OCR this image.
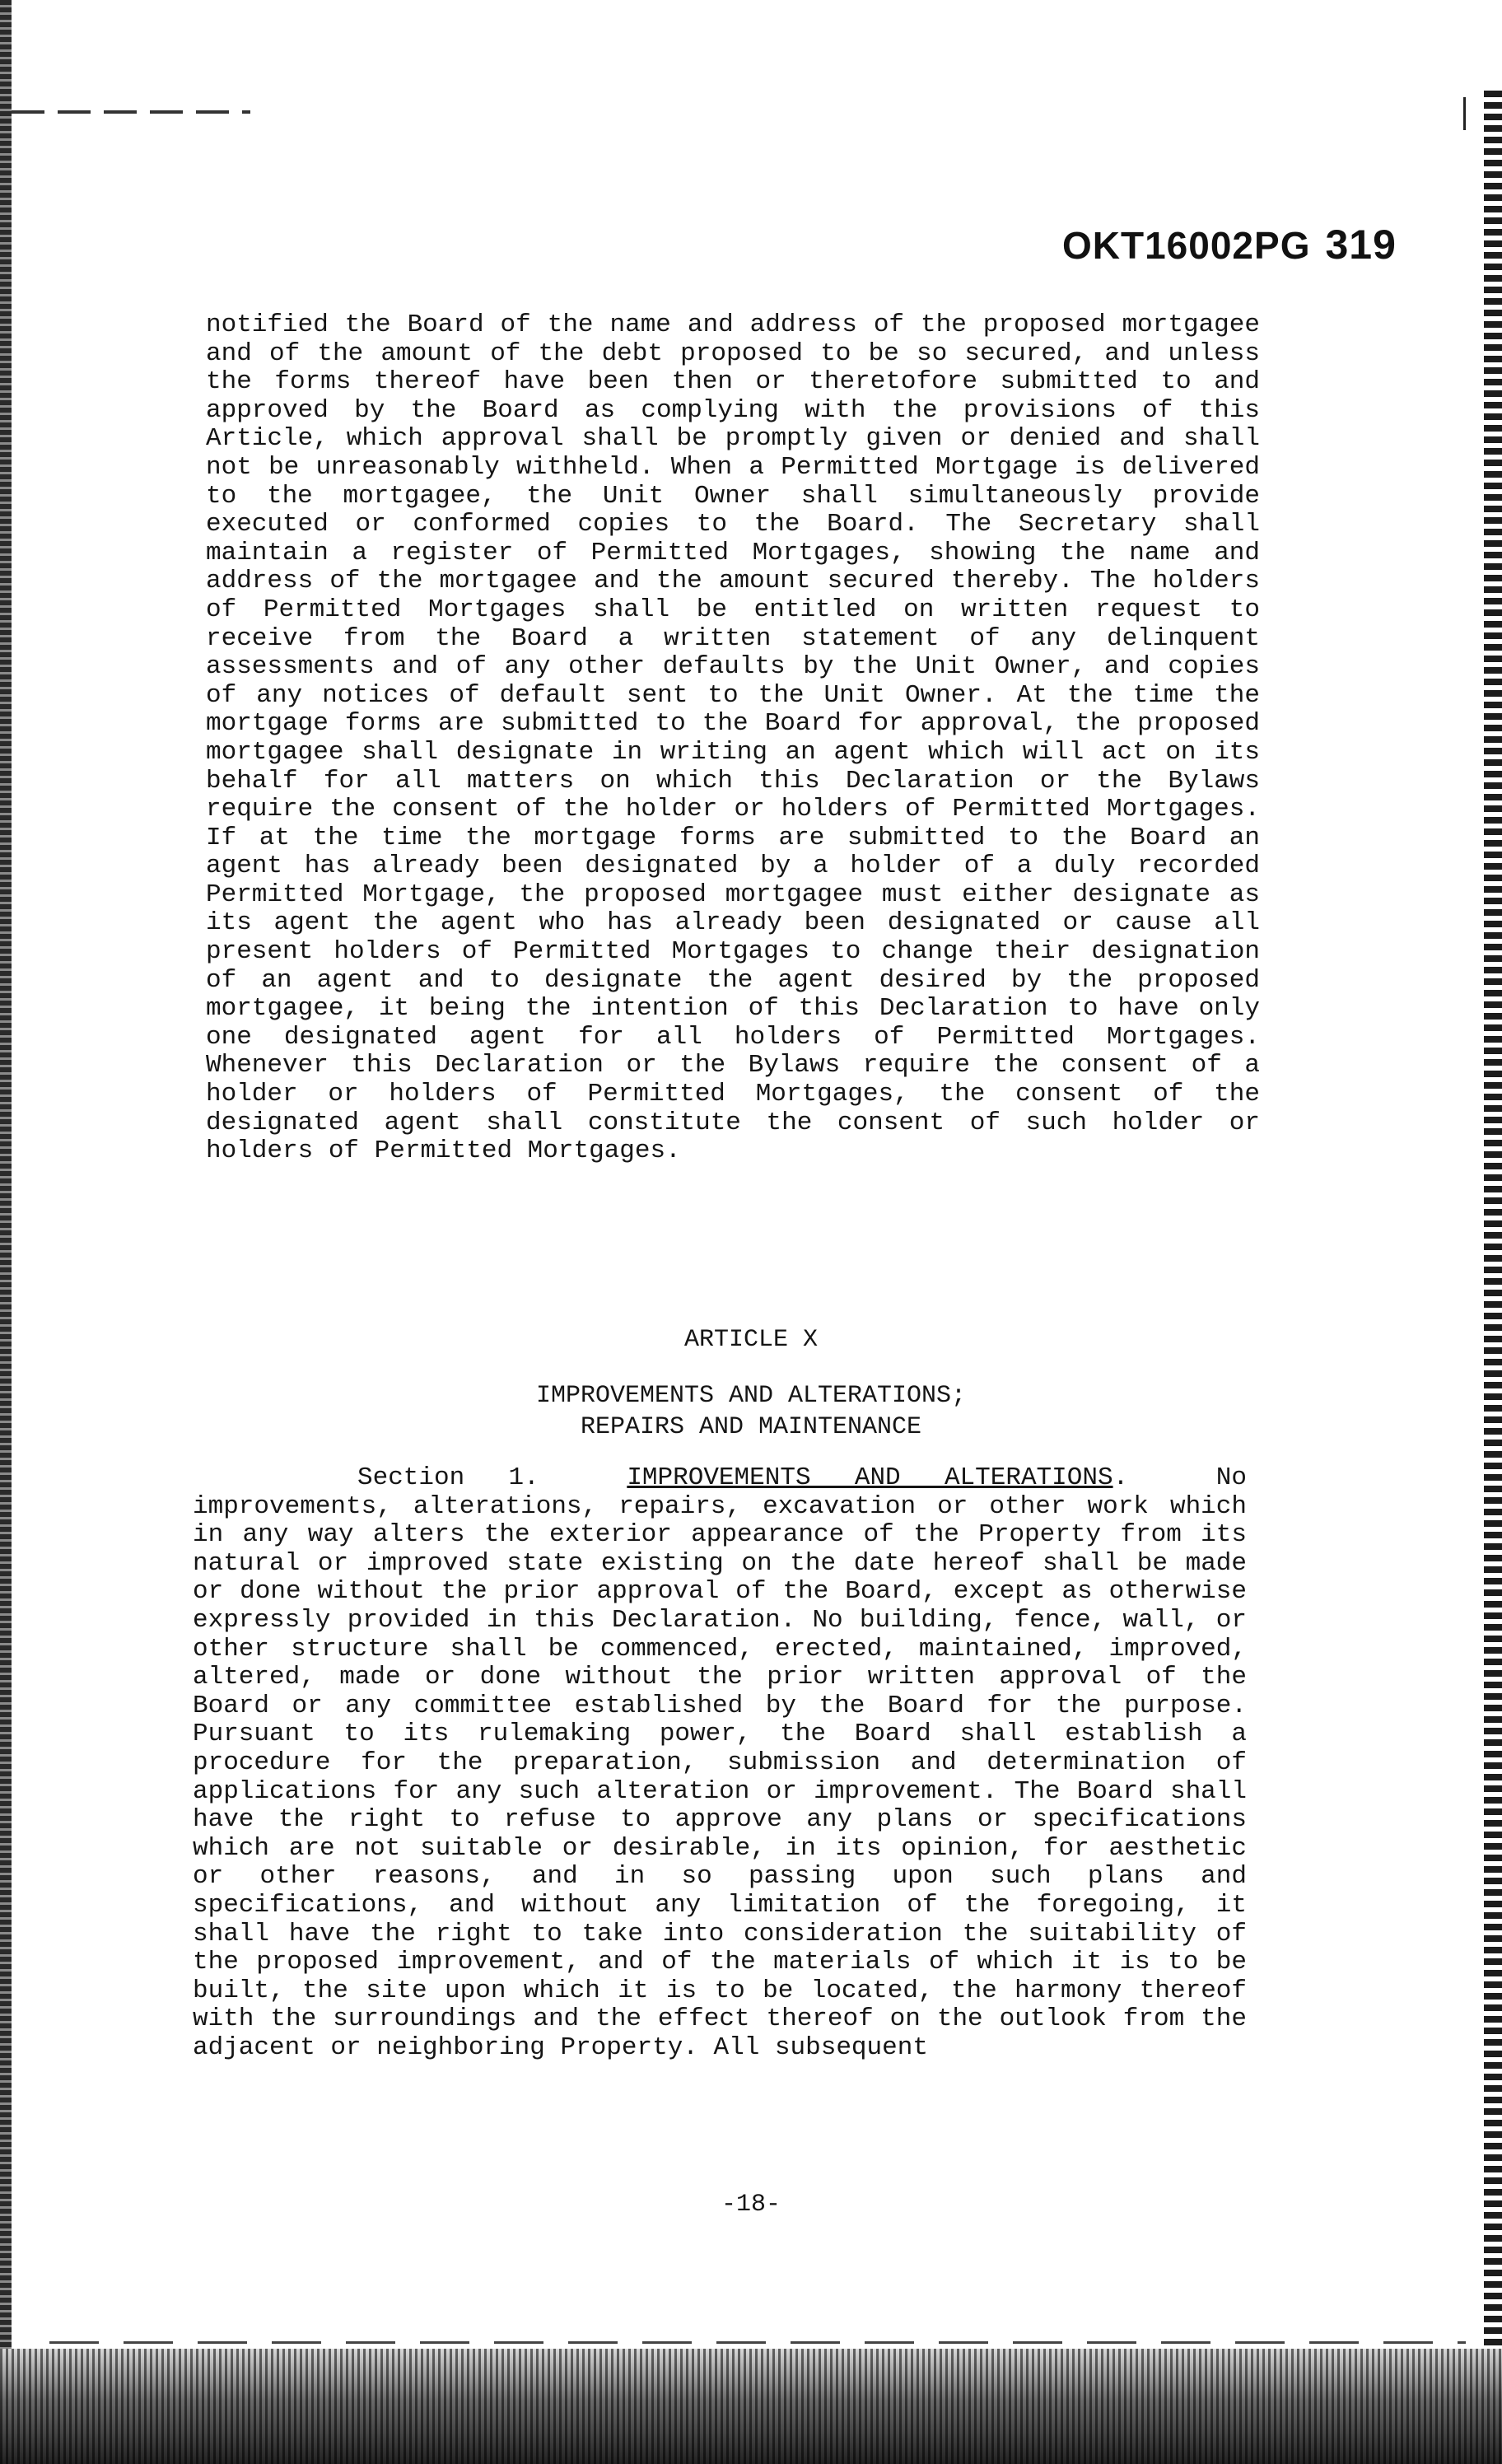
OKT16002PG 319

notified the Board of the name and address of the proposed mortgagee and of the amount of the debt proposed to be so secured, and unless the forms thereof have been then or theretofore submitted to and approved by the Board as complying with the provisions of this Article, which approval shall be promptly given or denied and shall not be unreasonably withheld. When a Permitted Mortgage is delivered to the mortgagee, the Unit Owner shall simultaneously provide executed or conformed copies to the Board. The Secretary shall maintain a register of Permitted Mortgages, showing the name and address of the mortgagee and the amount secured thereby. The holders of Permitted Mortgages shall be entitled on written request to receive from the Board a written statement of any delinquent assessments and of any other defaults by the Unit Owner, and copies of any notices of default sent to the Unit Owner. At the time the mortgage forms are submitted to the Board for approval, the proposed mortgagee shall designate in writing an agent which will act on its behalf for all matters on which this Declaration or the Bylaws require the consent of the holder or holders of Permitted Mortgages. If at the time the mortgage forms are submitted to the Board an agent has already been designated by a holder of a duly recorded Permitted Mortgage, the proposed mortgagee must either designate as its agent the agent who has already been designated or cause all present holders of Permitted Mortgages to change their designation of an agent and to designate the agent desired by the proposed mortgagee, it being the intention of this Declaration to have only one designated agent for all holders of Permitted Mortgages. Whenever this Declaration or the Bylaws require the consent of a holder or holders of Permitted Mortgages, the consent of the designated agent shall constitute the consent of such holder or holders of Permitted Mortgages.

ARTICLE X
IMPROVEMENTS AND ALTERATIONS;
REPAIRS AND MAINTENANCE

Section 1.	IMPROVEMENTS AND ALTERATIONS.	No improvements, alterations, repairs, excavation or other work which in any way alters the exterior appearance of the Property from its natural or improved state existing on the date hereof shall be made or done without the prior approval of the Board, except as otherwise expressly provided in this Declaration. No building, fence, wall, or other structure shall be commenced, erected, maintained, improved, altered, made or done without the prior written approval of the Board or any committee established by the Board for the purpose. Pursuant to its rulemaking power, the Board shall establish a procedure for the preparation, submission and determination of applications for any such alteration or improvement. The Board shall have the right to refuse to approve any plans or specifications which are not suitable or desirable, in its opinion, for aesthetic or other reasons, and in so passing upon such plans and specifications, and without any limitation of the foregoing, it shall have the right to take into consideration the suitability of the proposed improvement, and of the materials of which it is to be built, the site upon which it is to be located, the harmony thereof with the surroundings and the effect thereof on the outlook from the adjacent or neighboring Property. All subsequent

-18-
